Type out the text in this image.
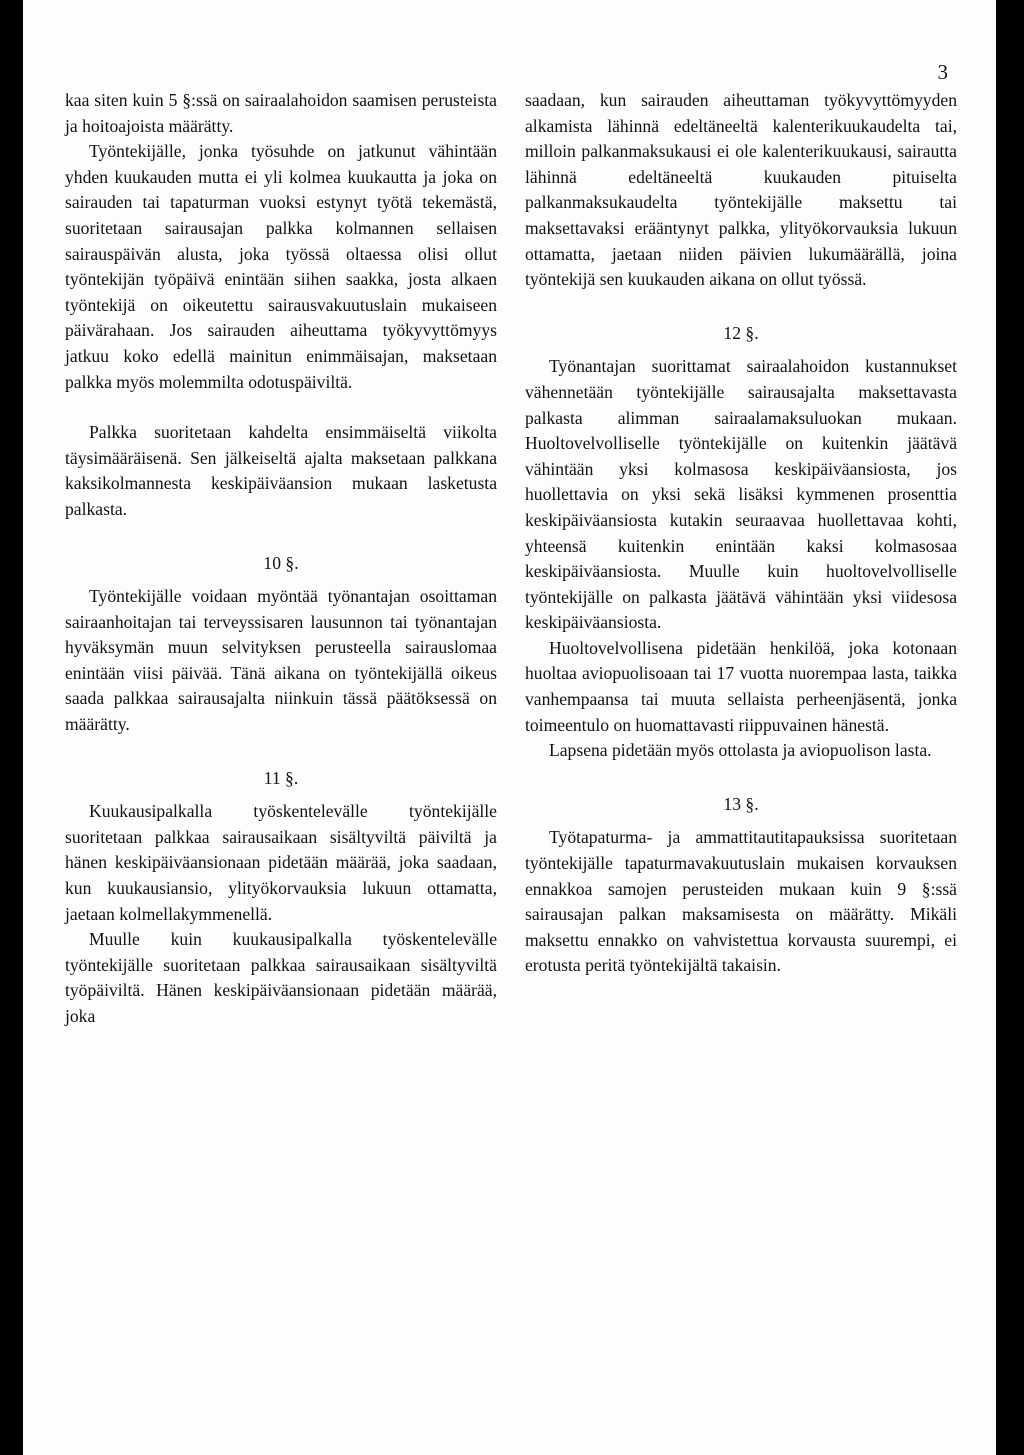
3

kaa siten kuin 5 §:ssä on sairaalahoidon saamisen perusteista ja hoitoajoista määrätty.

Työntekijälle, jonka työsuhde on jatkunut vähintään yhden kuukauden mutta ei yli kolmea kuukautta ja joka on sairauden tai tapaturman vuoksi estynyt työtä tekemästä, suoritetaan sairausajan palkka kolmannen sellaisen sairauspäivän alusta, joka työssä oltaessa olisi ollut työntekijän työpäivä enintään siihen saakka, josta alkaen työntekijä on oikeutettu sairausvakuutuslain mukaiseen päivärahaan. Jos sairauden aiheuttama työkyvyttömyys jatkuu koko edellä mainitun enimmäisajan, maksetaan palkka myös molemmilta odotuspäiviltä.

Palkka suoritetaan kahdelta ensimmäiseltä viikolta täysimääräisenä. Sen jälkeiseltä ajalta maksetaan palkkana kaksikolmannesta keskipäiväansion mukaan lasketusta palkasta.

10 §.

Työntekijälle voidaan myöntää työnantajan osoittaman sairaanhoitajan tai terveyssisaren lausunnon tai työnantajan hyväksymän muun selvityksen perusteella sairauslomaa enintään viisi päivää. Tänä aikana on työntekijällä oikeus saada palkkaa sairausajalta niinkuin tässä päätöksessä on määrätty.

11 §.

Kuukausipalkalla työskentelevälle työntekijälle suoritetaan palkkaa sairausaikaan sisältyviltä päiviltä ja hänen keskipäiväansionaan pidetään määrää, joka saadaan, kun kuukausiansio, ylityökorvauksia lukuun ottamatta, jaetaan kolmellakymmenellä.

Muulle kuin kuukausipalkalla työskentelevälle työntekijälle suoritetaan palkkaa sairausaikaan sisältyviltä työpäiviltä. Hänen keskipäiväansionaan pidetään määrää, joka

saadaan, kun sairauden aiheuttaman työkyvyttömyyden alkamista lähinnä edeltäneeltä kalenterikuukaudelta tai, milloin palkanmaksukausi ei ole kalenterikuukausi, sairautta lähinnä edeltäneeltä kuukauden pituiselta palkanmaksukaudelta työntekijälle maksettu tai maksettavaksi erääntynyt palkka, ylityökorvauksia lukuun ottamatta, jaetaan niiden päivien lukumäärällä, joina työntekijä sen kuukauden aikana on ollut työssä.

12 §.

Työnantajan suorittamat sairaalahoidon kustannukset vähennetään työntekijälle sairausajalta maksettavasta palkasta alimman sairaalamaksuluokan mukaan. Huoltovelvolliselle työntekijälle on kuitenkin jäätävä vähintään yksi kolmasosa keskipäiväansiosta, jos huollettavia on yksi sekä lisäksi kymmenen prosenttia keskipäiväansiosta kutakin seuraavaa huollettavaa kohti, yhteensä kuitenkin enintään kaksi kolmasosaa keskipäiväansiosta. Muulle kuin huoltovelvolliselle työntekijälle on palkasta jäätävä vähintään yksi viidesosa keskipäiväansiosta.

Huoltovelvollisena pidetään henkilöä, joka kotonaan huoltaa aviopuolisoaan tai 17 vuotta nuorempaa lasta, taikka vanhempaansa tai muuta sellaista perheenjäsentä, jonka toimeentulo on huomattavasti riippuvainen hänestä.

Lapsena pidetään myös ottolasta ja aviopuolison lasta.

13 §.

Työtapaturma- ja ammattitautitapauksissa suoritetaan työntekijälle tapaturmavakuutuslain mukaisen korvauksen ennakkoa samojen perusteiden mukaan kuin 9 §:ssä sairausajan palkan maksamisesta on määrätty. Mikäli maksettu ennakko on vahvistettua korvausta suurempi, ei erotusta peritä työntekijältä takaisin.
